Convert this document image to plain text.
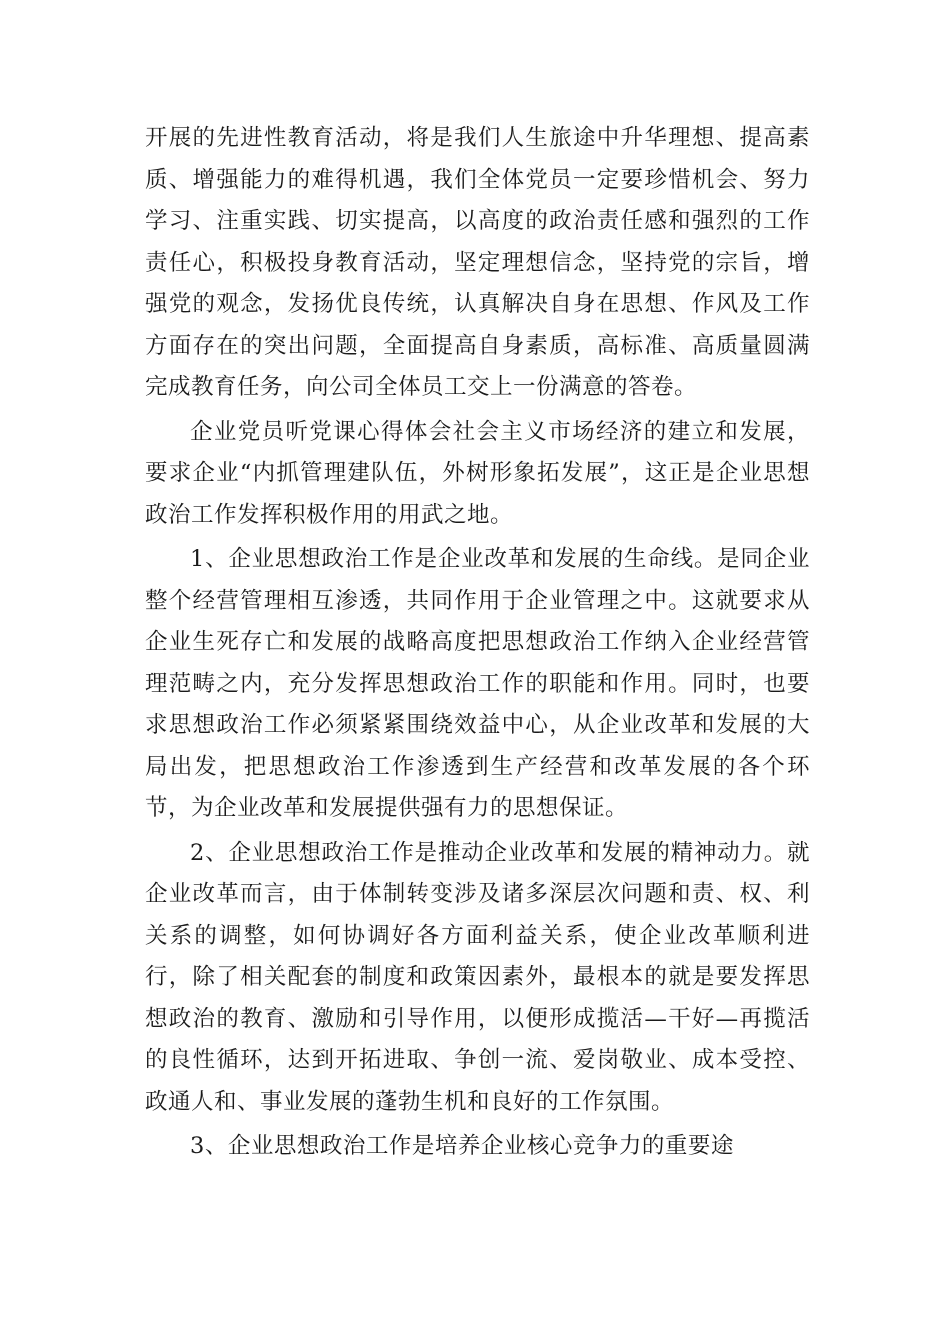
开展的先进性教育活动，将是我们人生旅途中升华理想、提高素质、增强能力的难得机遇，我们全体党员一定要珍惜机会、努力学习、注重实践、切实提高，以高度的政治责任感和强烈的工作责任心，积极投身教育活动，坚定理想信念，坚持党的宗旨，增强党的观念，发扬优良传统，认真解决自身在思想、作风及工作方面存在的突出问题，全面提高自身素质，高标准、高质量圆满完成教育任务，向公司全体员工交上一份满意的答卷。

企业党员听党课心得体会社会主义市场经济的建立和发展，要求企业“内抓管理建队伍，外树形象拓发展”，这正是企业思想政治工作发挥积极作用的用武之地。

1、企业思想政治工作是企业改革和发展的生命线。是同企业整个经营管理相互渗透，共同作用于企业管理之中。这就要求从企业生死存亡和发展的战略高度把思想政治工作纳入企业经营管理范畴之内，充分发挥思想政治工作的职能和作用。同时，也要求思想政治工作必须紧紧围绕效益中心，从企业改革和发展的大局出发，把思想政治工作渗透到生产经营和改革发展的各个环节，为企业改革和发展提供强有力的思想保证。

2、企业思想政治工作是推动企业改革和发展的精神动力。就企业改革而言，由于体制转变涉及诸多深层次问题和责、权、利关系的调整，如何协调好各方面利益关系，使企业改革顺利进行，除了相关配套的制度和政策因素外，最根本的就是要发挥思想政治的教育、激励和引导作用，以便形成揽活—干好—再揽活的良性循环，达到开拓进取、争创一流、爱岗敬业、成本受控、政通人和、事业发展的蓬勃生机和良好的工作氛围。

3、企业思想政治工作是培养企业核心竞争力的重要途
